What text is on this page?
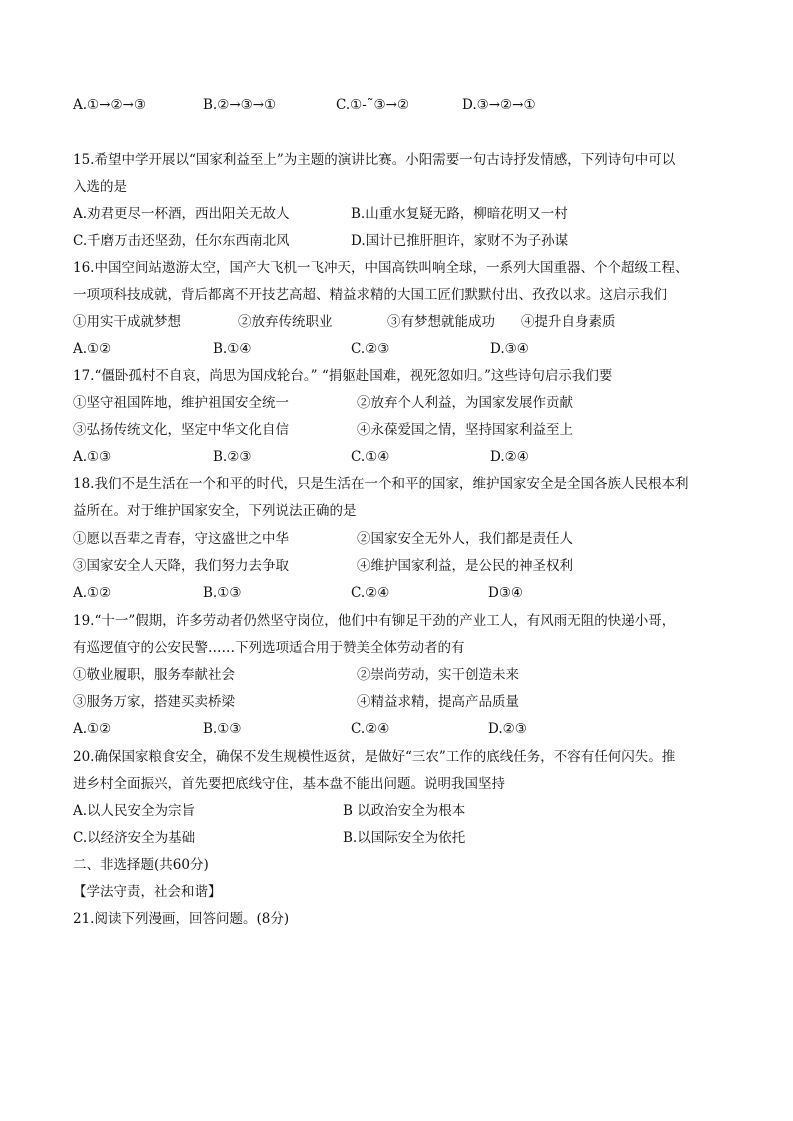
A.①→②→③	B.②→③→①	C.①-˜③→②	D.③→②→①
15.希望中学开展以“国家利益至上”为主题的演讲比赛。小阳需要一句古诗抒发情感，下列诗句中可以
入选的是
A.劝君更尽一杯酒，西出阳关无故人	B.山重水复疑无路，柳暗花明又一村
C.千磨万击还坚劲，任尔东西南北风	D.国计已推肝胆许，家财不为子孙谋
16.中国空间站遨游太空，国产大飞机一飞冲天，中国高铁叫响全球，一系列大国重器、个个超级工程、
一项项科技成就，背后都离不开技艺高超、精益求精的大国工匠们默默付出、孜孜以求。这启示我们
①用实干成就梦想	②放弃传统职业	③有梦想就能成功 ④提升自身素质
A.①②	B.①④	C.②③	D.③④
17.“僵卧孤村不自哀，尚思为国戍轮台。” “捐躯赴国难，视死忽如归。”这些诗句启示我们要
①坚守祖国阵地，维护祖国安全统一	②放弃个人利益，为国家发展作贡献
③弘扬传统文化，坚定中华文化自信	④永葆爱国之情，坚持国家利益至上
A.①③	B.②③	C.①④	D.②④
18.我们不是生活在一个和平的时代，只是生活在一个和平的国家，维护国家安全是全国各族人民根本利
益所在。对于维护国家安全，下列说法正确的是
①愿以吾辈之青春，守这盛世之中华	②国家安全无外人，我们都是责任人
③国家安全人天降，我们努力去争取	④维护国家利益，是公民的神圣权利
A.①②	B.①③	C.②④	D③④
19.“十一”假期，许多劳动者仍然坚守岗位，他们中有铆足干劲的产业工人，有风雨无阻的快递小哥，
有巡逻值守的公安民警……下列选项适合用于赞美全体劳动者的有
①敬业履职，服务奉献社会	②崇尚劳动，实干创造未来
③服务万家，搭建买卖桥梁	④精益求精，提高产品质量
A.①②	B.①③	C.②④	D.②③
20.确保国家粮食安全，确保不发生规模性返贫，是做好“三农”工作的底线任务，不容有任何闪失。推
进乡村全面振兴，首先要把底线守住，基本盘不能出问题。说明我国坚持
A.以人民安全为宗旨	B 以政治安全为根本
C.以经济安全为基础	B.以国际安全为依托
二、非选择题(共60分)
【学法守责，社会和谐】
21.阅读下列漫画，回答问题。(8分)
